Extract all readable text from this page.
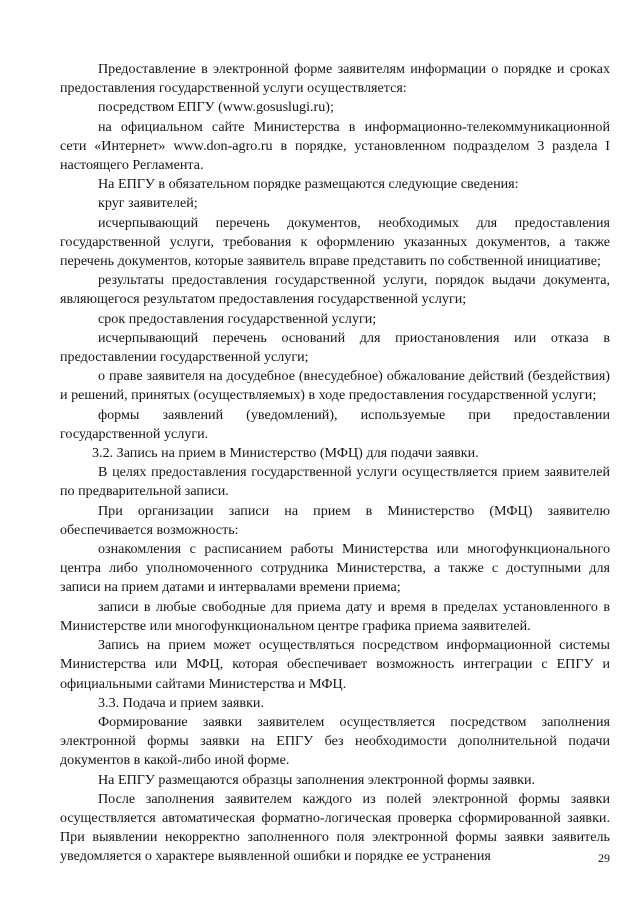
Предоставление в электронной форме заявителям информации о порядке и сроках предоставления государственной услуги осуществляется:

посредством ЕПГУ (www.gosuslugi.ru);

на официальном сайте Министерства в информационно-телекоммуникационной сети «Интернет» www.don-agro.ru в порядке, установленном подразделом 3 раздела I настоящего Регламента.

На ЕПГУ в обязательном порядке размещаются следующие сведения:

круг заявителей;

исчерпывающий перечень документов, необходимых для предоставления государственной услуги, требования к оформлению указанных документов, а также перечень документов, которые заявитель вправе представить по собственной инициативе;

результаты предоставления государственной услуги, порядок выдачи документа, являющегося результатом предоставления государственной услуги;

срок предоставления государственной услуги;

исчерпывающий перечень оснований для приостановления или отказа в предоставлении государственной услуги;

о праве заявителя на досудебное (внесудебное) обжалование действий (бездействия) и решений, принятых (осуществляемых) в ходе предоставления государственной услуги;

формы заявлений (уведомлений), используемые при предоставлении государственной услуги.

3.2. Запись на прием в Министерство (МФЦ) для подачи заявки.

В целях предоставления государственной услуги осуществляется прием заявителей по предварительной записи.

При организации записи на прием в Министерство (МФЦ) заявителю обеспечивается возможность:

ознакомления с расписанием работы Министерства или многофункционального центра либо уполномоченного сотрудника Министерства, а также с доступными для записи на прием датами и интервалами времени приема;

записи в любые свободные для приема дату и время в пределах установленного в Министерстве или многофункциональном центре графика приема заявителей.

Запись на прием может осуществляться посредством информационной системы Министерства или МФЦ, которая обеспечивает возможность интеграции с ЕПГУ и официальными сайтами Министерства и МФЦ.

3.3. Подача и прием заявки.

Формирование заявки заявителем осуществляется посредством заполнения электронной формы заявки на ЕПГУ без необходимости дополнительной подачи документов в какой-либо иной форме.

На ЕПГУ размещаются образцы заполнения электронной формы заявки.

После заполнения заявителем каждого из полей электронной формы заявки осуществляется автоматическая форматно-логическая проверка сформированной заявки. При выявлении некорректно заполненного поля электронной формы заявки заявитель уведомляется о характере выявленной ошибки и порядке ее устранения	29
